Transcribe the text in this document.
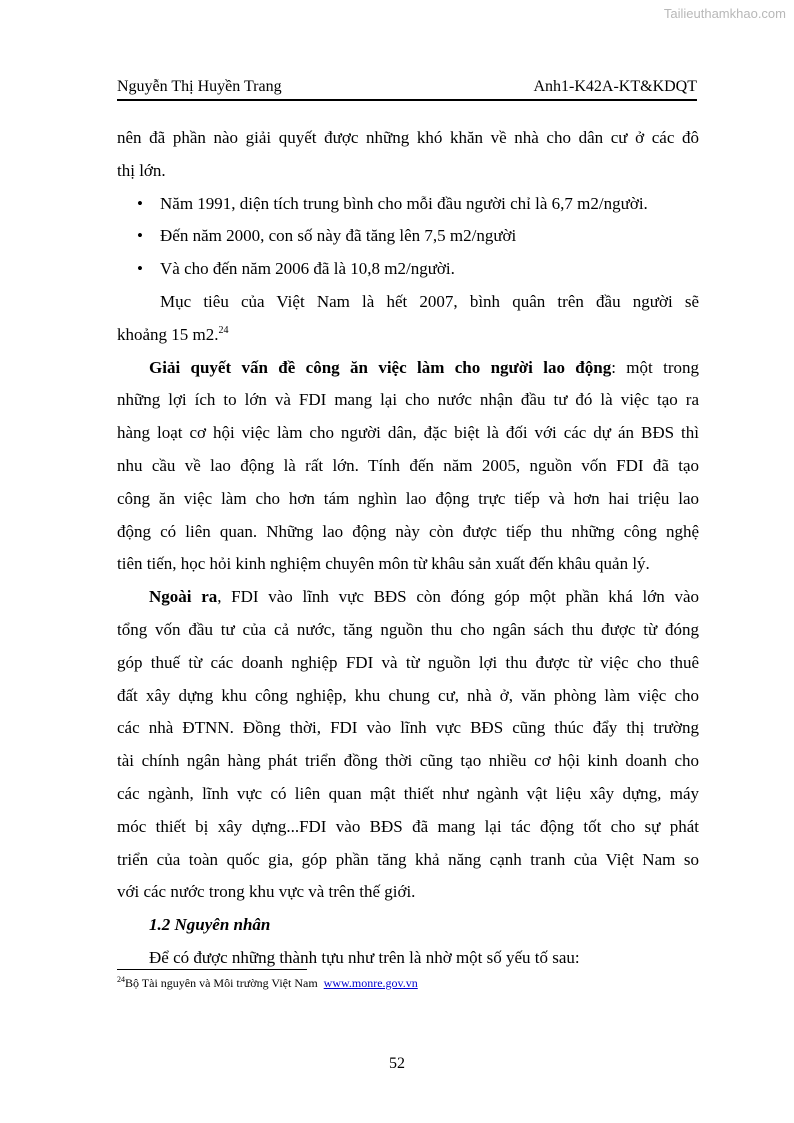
Tailieuthamkhao.com
Nguyễn Thị Huyền Trang	Anh1-K42A-KT&KDQT
nên đã phần nào giải quyết được những khó khăn về nhà cho dân cư ở các đô
thị lớn.
• Năm 1991, diện tích trung bình cho mỗi đầu người chỉ là 6,7 m2/người.
• Đến năm 2000, con số này đã tăng lên 7,5 m2/người
• Và cho đến năm 2006 đã là 10,8 m2/người.
Mục tiêu của Việt Nam là hết 2007, bình quân trên đầu người sẽ
khoảng 15 m2.24
Giải quyết vấn đề công ăn việc làm cho người lao động: một trong
những lợi ích to lớn và FDI mang lại cho nước nhận đầu tư đó là việc tạo ra
hàng loạt cơ hội việc làm cho người dân, đặc biệt là đối với các dự án BĐS thì
nhu cầu về lao động là rất lớn. Tính đến năm 2005, nguồn vốn FDI đã tạo
công ăn việc làm cho hơn tám nghìn lao động trực tiếp và hơn hai triệu lao
động có liên quan. Những lao động này còn được tiếp thu những công nghệ
tiên tiến, học hỏi kinh nghiệm chuyên môn từ khâu sản xuất đến khâu quản lý.
Ngoài ra, FDI vào lĩnh vực BĐS còn đóng góp một phần khá lớn vào
tổng vốn đầu tư của cả nước, tăng nguồn thu cho ngân sách thu được từ đóng
góp thuế từ các doanh nghiệp FDI và từ nguồn lợi thu được từ việc cho thuê
đất xây dựng khu công nghiệp, khu chung cư, nhà ở, văn phòng làm việc cho
các nhà ĐTNN. Đồng thời, FDI vào lĩnh vực BĐS cũng thúc đẩy thị trường
tài chính ngân hàng phát triển đồng thời cũng tạo nhiều cơ hội kinh doanh cho
các ngành, lĩnh vực có liên quan mật thiết như ngành vật liệu xây dựng, máy
móc thiết bị xây dựng...FDI vào BĐS đã mang lại tác động tốt cho sự phát
triển của toàn quốc gia, góp phần tăng khả năng cạnh tranh của Việt Nam so
với các nước trong khu vực và trên thế giới.
1.2 Nguyên nhân
Để có được những thành tựu như trên là nhờ một số yếu tố sau:
$^{24}$Bộ Tài nguyên và Môi trường Việt Nam www.monre.gov.vn
52
